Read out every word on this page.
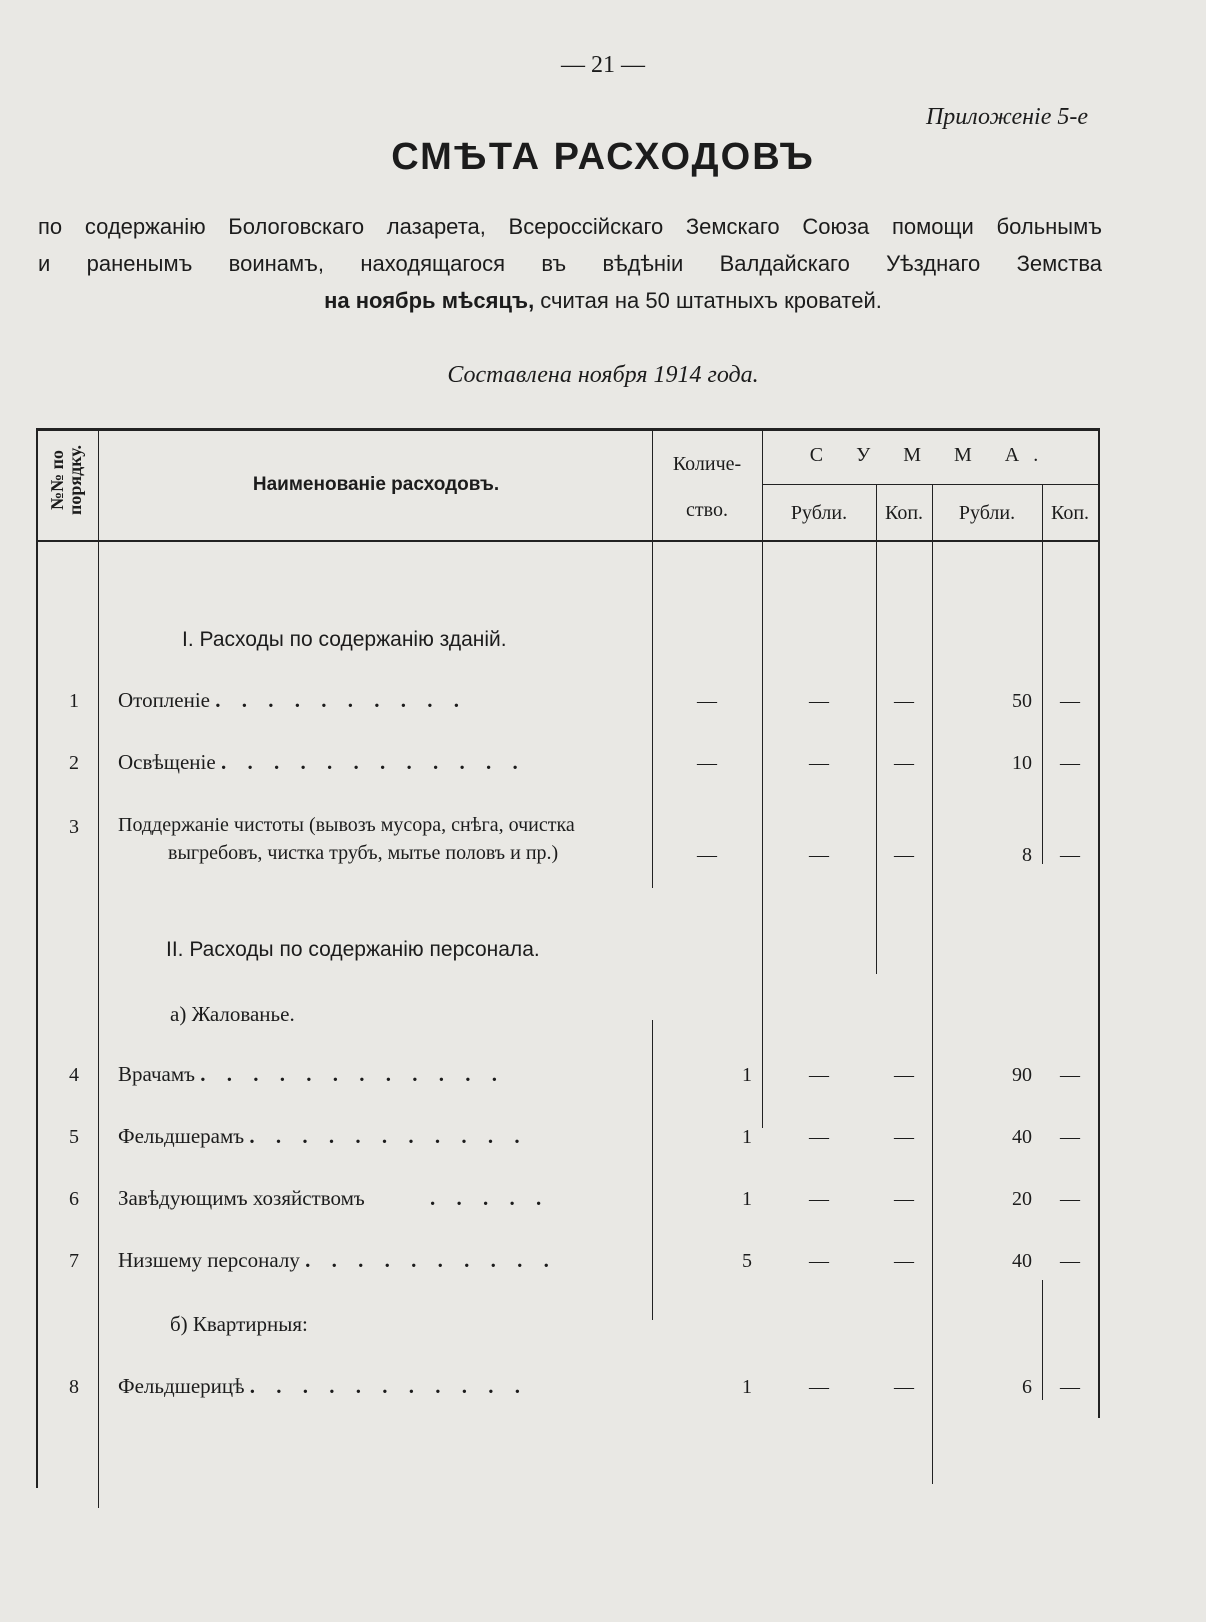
— 21 —
Приложеніе 5-е
СМѢТА РАСХОДОВЪ
по содержанію Бологовскаго лазарета, Всероссійскаго Земскаго Союза помощи больнымъ
и раненымъ воинамъ, находящагося въ вѣдѣніи Валдайскаго Уѣзднаго Земства
на ноябрь мѣсяцъ, считая на 50 штатныхъ кроватей.
Составлена ноября 1914 года.
№№ по порядку.	Наименованіе расходовъ.
Количе-
ство.
С У М М А.
Рубли.	Коп.	Рубли.	Коп.
I. Расходы по содержанію зданій.
1	Отопленіе . . . . . . . . . .	—	—	—	50	—
2	Освѣщеніе . . . . . . . . . . . .	—	—	—	10	—
3	Поддержаніе чистоты (вывозъ мусора, снѣга, очистка
выгребовъ, чистка трубъ, мытье половъ и пр.)	—	—	—	8	—
II. Расходы по содержанію персонала.
а) Жалованье.
4	Врачамъ . . . . . . . . . . . .	1	—	—	90	—
5	Фельдшерамъ . . . . . . . . . . .	1	—	—	40	—
6	Завѣдующимъ хозяйствомъ	. . . . .	1	—	—	20	—
7	Низшему персоналу . . . . . . . . . .	5	—	—	40	—
б) Квартирныя:
8	Фельдшерицѣ . . . . . . . . . . .	1	—	—	6	—
